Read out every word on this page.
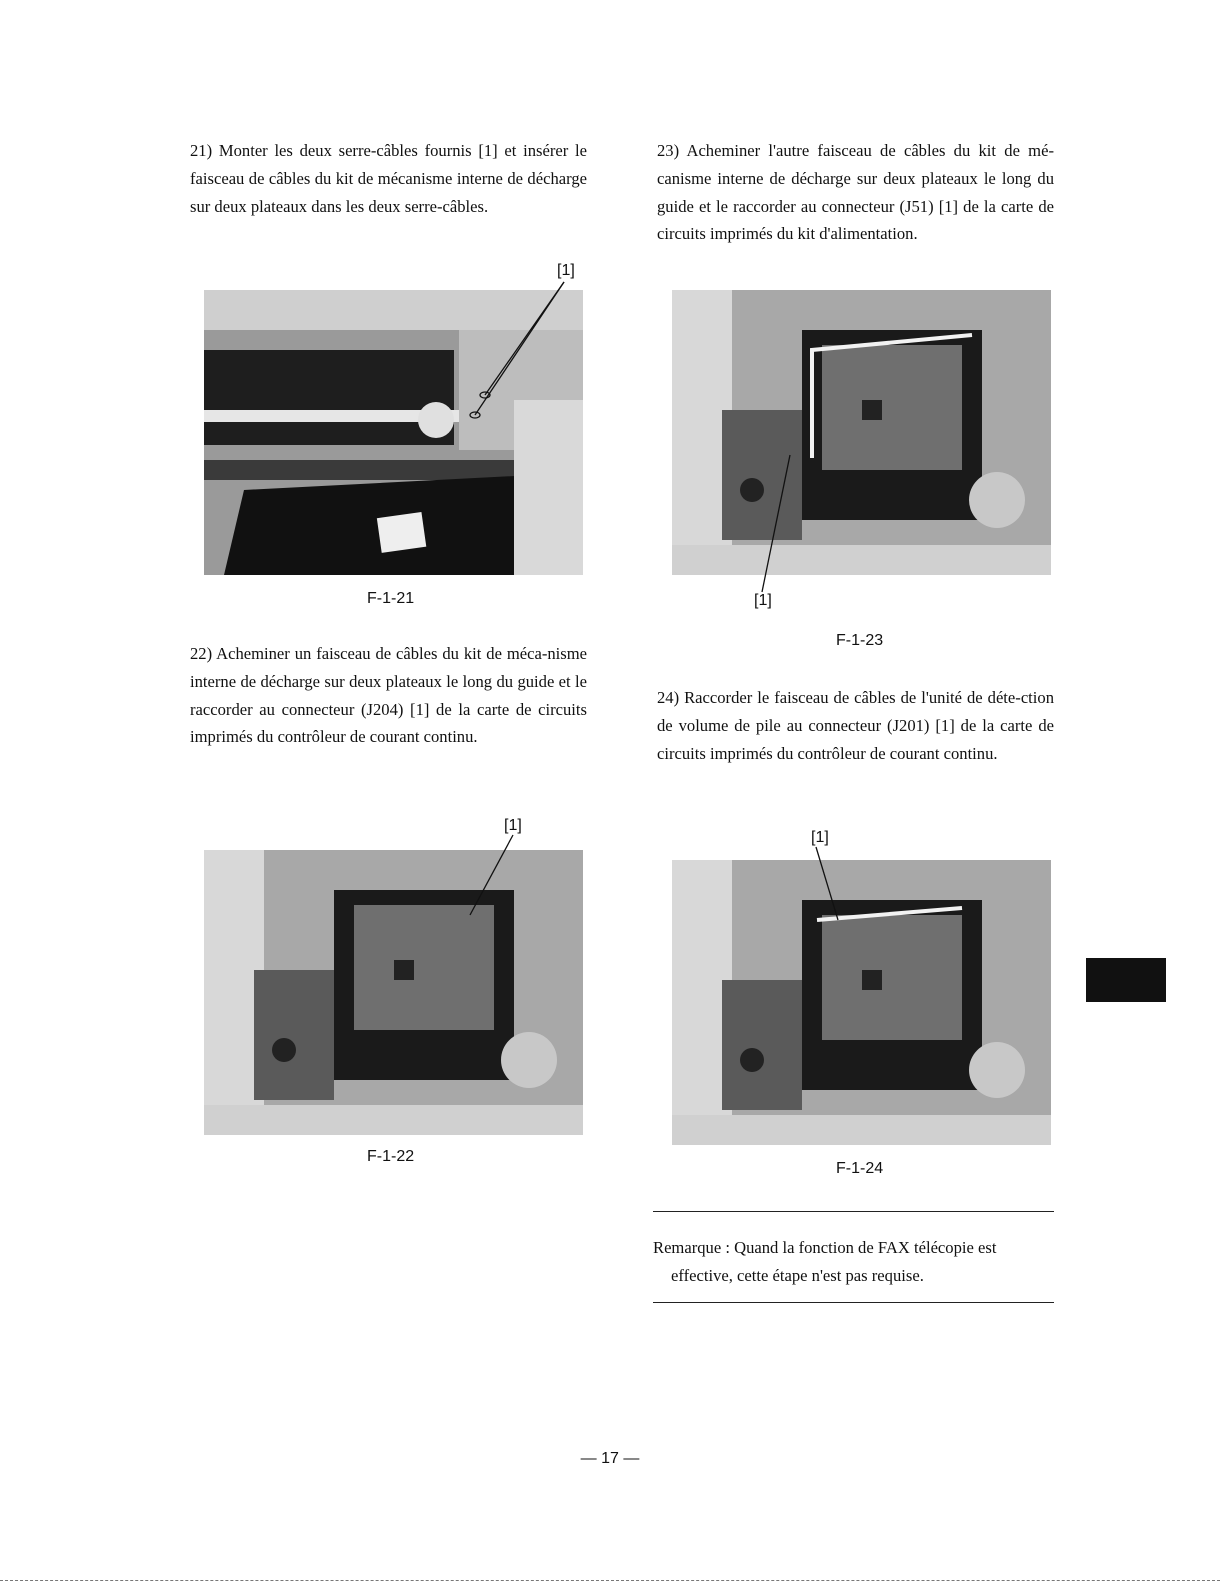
21) Monter les deux serre-câbles fournis [1] et insérer le faisceau de câbles du kit de mécanisme interne de décharge sur deux plateaux dans les deux serre-câbles.

F-1-21
[1]

22) Acheminer un faisceau de câbles du kit de méca-nisme interne de décharge sur deux plateaux le long du guide et le raccorder au connecteur (J204) [1] de la carte de circuits imprimés du contrôleur de courant continu.

F-1-22
[1]

23) Acheminer l'autre faisceau de câbles du kit de mé-canisme interne de décharge sur deux plateaux le long du guide et le raccorder au connecteur (J51) [1] de la carte de circuits imprimés du kit d'alimentation.

[1]
F-1-23

24) Raccorder le faisceau de câbles de l'unité de déte-ction de volume de pile au connecteur (J201) [1] de la carte de circuits imprimés du contrôleur de courant continu.

[1]
F-1-24

Remarque : Quand la fonction de FAX télécopie est
effective, cette étape n'est pas requise.

— 17 —
